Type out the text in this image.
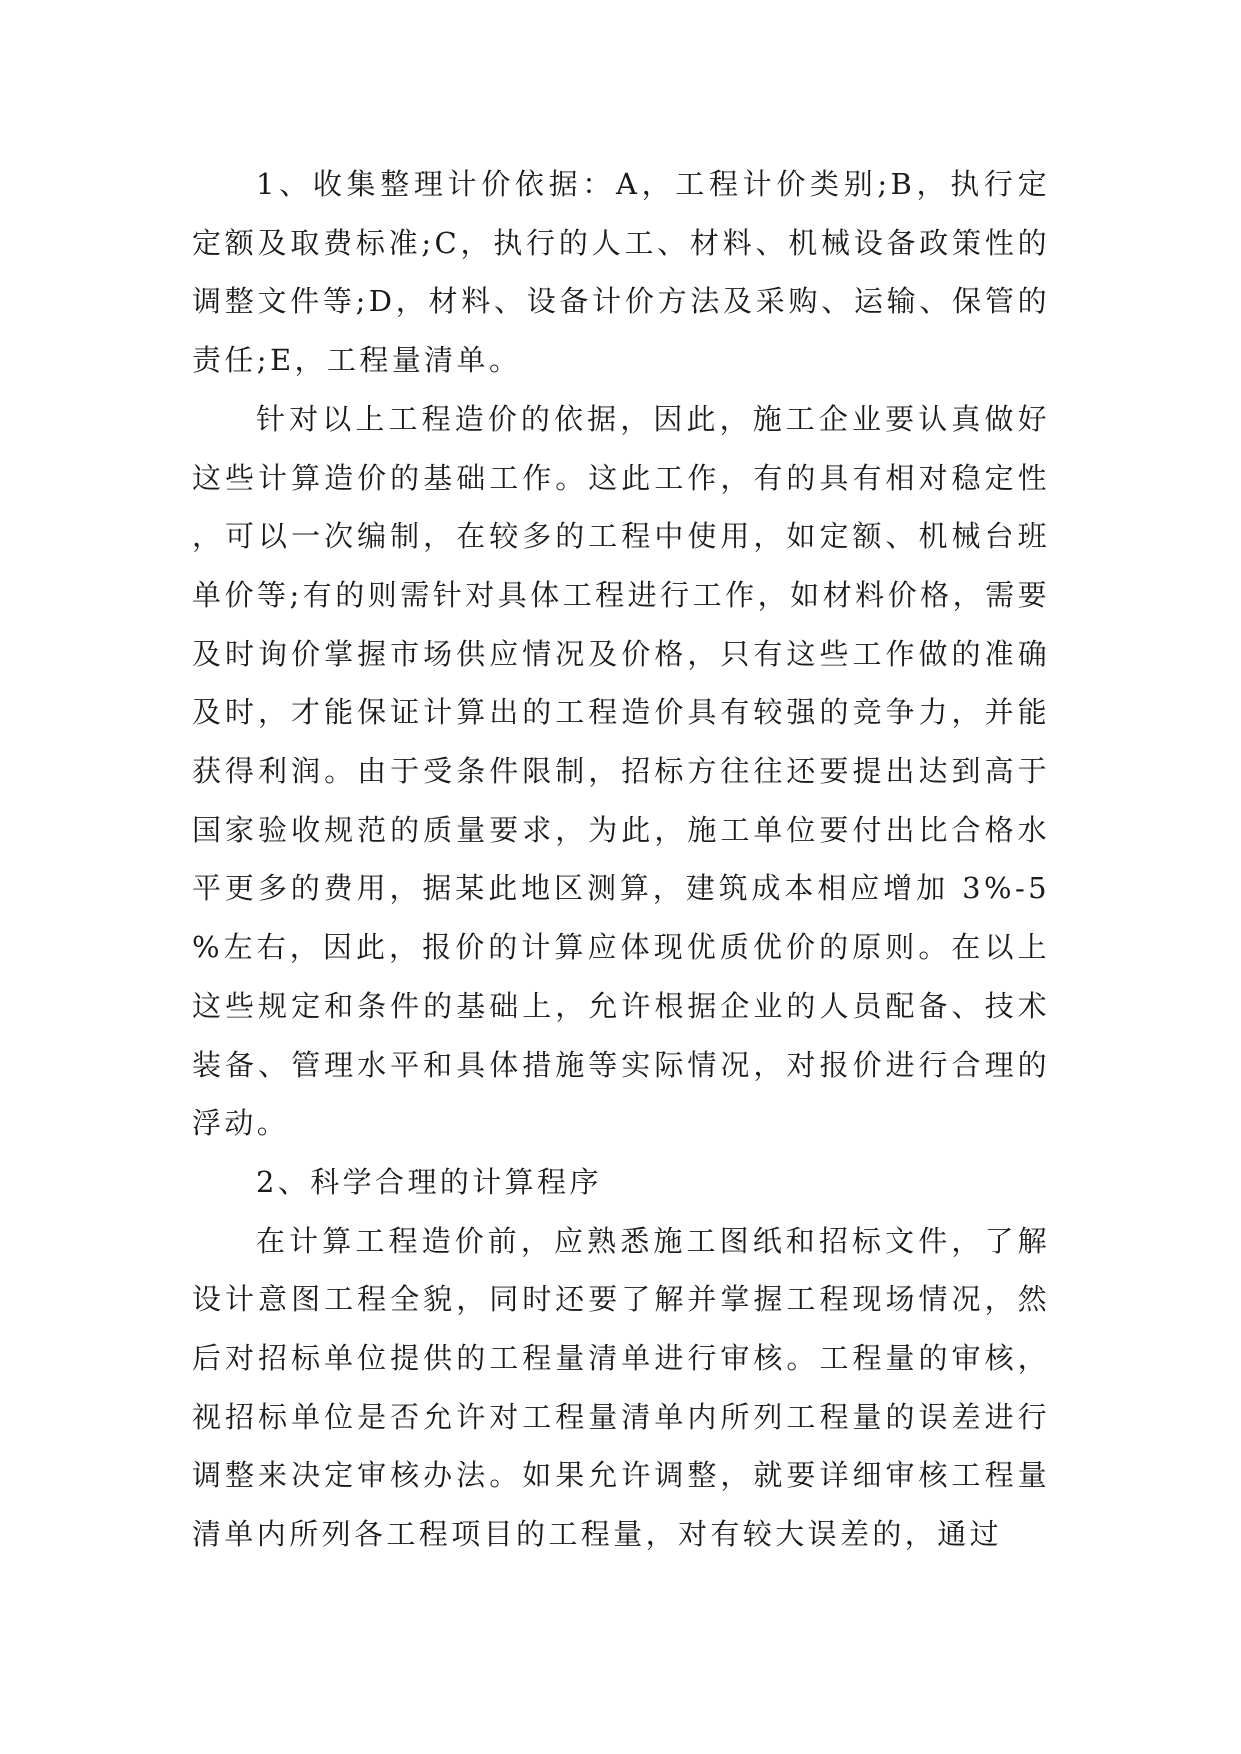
1、收集整理计价依据：A，工程计价类别;B，执行定定额及取费标准;C，执行的人工、材料、机械设备政策性的调整文件等;D，材料、设备计价方法及采购、运输、保管的责任;E，工程量清单。

针对以上工程造价的依据，因此，施工企业要认真做好这些计算造价的基础工作。这此工作，有的具有相对稳定性，可以一次编制，在较多的工程中使用，如定额、机械台班单价等;有的则需针对具体工程进行工作，如材料价格，需要及时询价掌握市场供应情况及价格，只有这些工作做的准确及时，才能保证计算出的工程造价具有较强的竞争力，并能获得利润。由于受条件限制，招标方往往还要提出达到高于国家验收规范的质量要求，为此，施工单位要付出比合格水平更多的费用，据某此地区测算，建筑成本相应增加 3%-5%左右，因此，报价的计算应体现优质优价的原则。在以上这些规定和条件的基础上，允许根据企业的人员配备、技术装备、管理水平和具体措施等实际情况，对报价进行合理的浮动。

2、科学合理的计算程序

在计算工程造价前，应熟悉施工图纸和招标文件，了解设计意图工程全貌，同时还要了解并掌握工程现场情况，然后对招标单位提供的工程量清单进行审核。工程量的审核，视招标单位是否允许对工程量清单内所列工程量的误差进行调整来决定审核办法。如果允许调整，就要详细审核工程量清单内所列各工程项目的工程量，对有较大误差的，通过
